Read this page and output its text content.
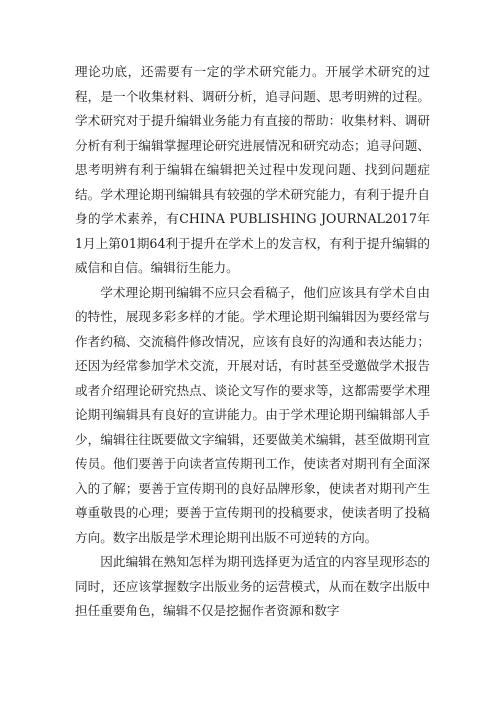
理论功底，还需要有一定的学术研究能力。开展学术研究的过程，是一个收集材料、调研分析，追寻问题、思考明辨的过程。学术研究对于提升编辑业务能力有直接的帮助：收集材料、调研分析有利于编辑掌握理论研究进展情况和研究动态；追寻问题、思考明辨有利于编辑在编辑把关过程中发现问题、找到问题症结。学术理论期刊编辑具有较强的学术研究能力，有利于提升自身的学术素养，有CHINA PUBLISHING JOURNAL2017年1月上第01期64利于提升在学术上的发言权，有利于提升编辑的威信和自信。编辑衍生能力。

学术理论期刊编辑不应只会看稿子，他们应该具有学术自由的特性，展现多彩多样的才能。学术理论期刊编辑因为要经常与作者约稿、交流稿件修改情况，应该有良好的沟通和表达能力；还因为经常参加学术交流，开展对话，有时甚至受邀做学术报告或者介绍理论研究热点、谈论文写作的要求等，这都需要学术理论期刊编辑具有良好的宣讲能力。由于学术理论期刊编辑部人手少，编辑往往既要做文字编辑，还要做美术编辑，甚至做期刊宣传员。他们要善于向读者宣传期刊工作，使读者对期刊有全面深入的了解；要善于宣传期刊的良好品牌形象，使读者对期刊产生尊重敬畏的心理；要善于宣传期刊的投稿要求，使读者明了投稿方向。数字出版是学术理论期刊出版不可逆转的方向。

因此编辑在熟知怎样为期刊选择更为适宜的内容呈现形态的同时，还应该掌握数字出版业务的运营模式，从而在数字出版中担任重要角色，编辑不仅是挖掘作者资源和数字
